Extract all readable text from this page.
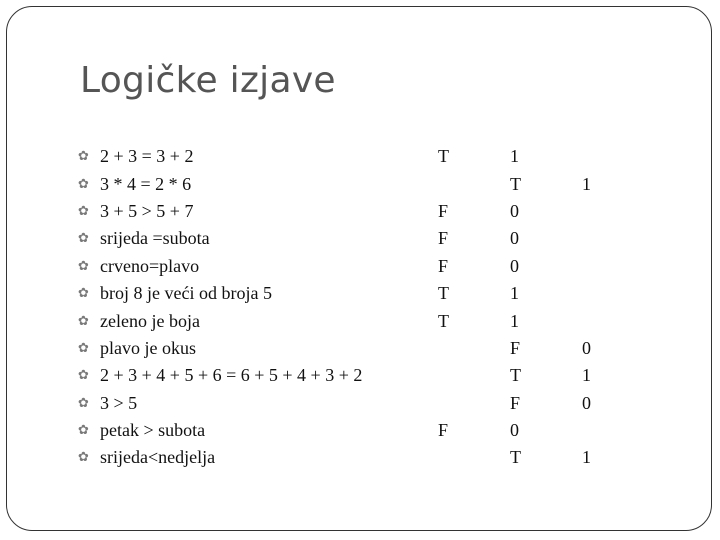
Logičke izjave
✿ 2 + 3 = 3 + 2
✿ 3 * 4 = 2 * 6
✿ 3 + 5 > 5 + 7
✿ srijeda =subota
✿ crveno=plavo
✿ broj 8 je veći od broja 5
✿ zeleno je boja
✿ plavo je okus
✿ 2 + 3 + 4 + 5 + 6 = 6 + 5 + 4 + 3 + 2
✿ 3 > 5
✿ petak > subota
✿ srijeda<nedjelja
T
F
F
F
T
T
F
1
T
0
0
0
1
1
F
T
F
0
T
1
0
1
0
1
